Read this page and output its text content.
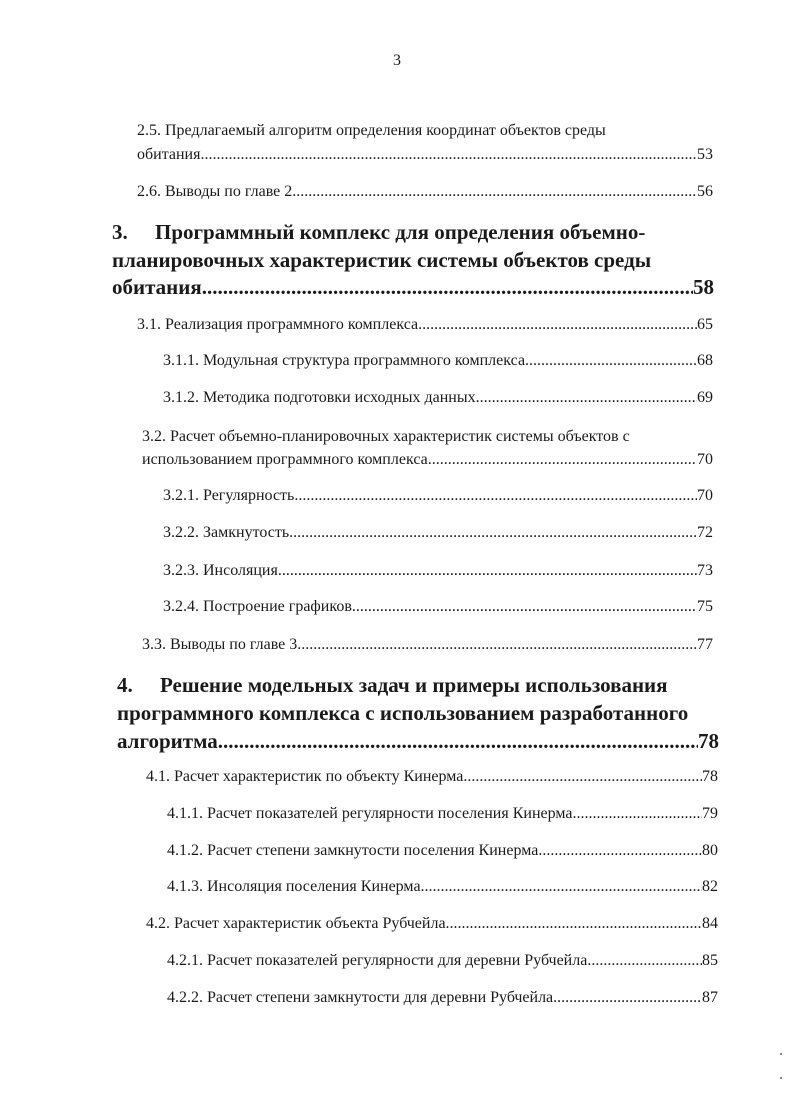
3
2.5. Предлагаемый алгоритм определения координат объектов среды
обитания .....	53
2.6. Выводы по главе 2 .....	56
3. Программный комплекс для определения объемно-
планировочных характеристик системы объектов среды
обитания .....	58
3.1. Реализация программного комплекса .....	65
3.1.1. Модульная структура программного комплекса. .....	68
3.1.2. Методика подготовки исходных данных .....	69
3.2. Расчет объемно-планировочных характеристик системы объектов с
использованием программного комплекса .....	70
3.2.1. Регулярность .....	70
3.2.2. Замкнутость .....	72
3.2.3. Инсоляция .....	73
3.2.4. Построение графиков .....	75
3.3. Выводы по главе 3 .....	77
4. Решение модельных задач и примеры использования
программного комплекса с использованием разработанного
алгоритма .....	78
4.1. Расчет характеристик по объекту Кинерма. .....	78
4.1.1. Расчет показателей регулярности поселения Кинерма .....	79
4.1.2. Расчет степени замкнутости поселения Кинерма .....	80
4.1.3. Инсоляция поселения Кинерма .....	82
4.2. Расчет характеристик объекта Рубчейла. .....	84
4.2.1. Расчет показателей регулярности для деревни Рубчейла .....	85
4.2.2. Расчет степени замкнутости для деревни Рубчейла .....	87
